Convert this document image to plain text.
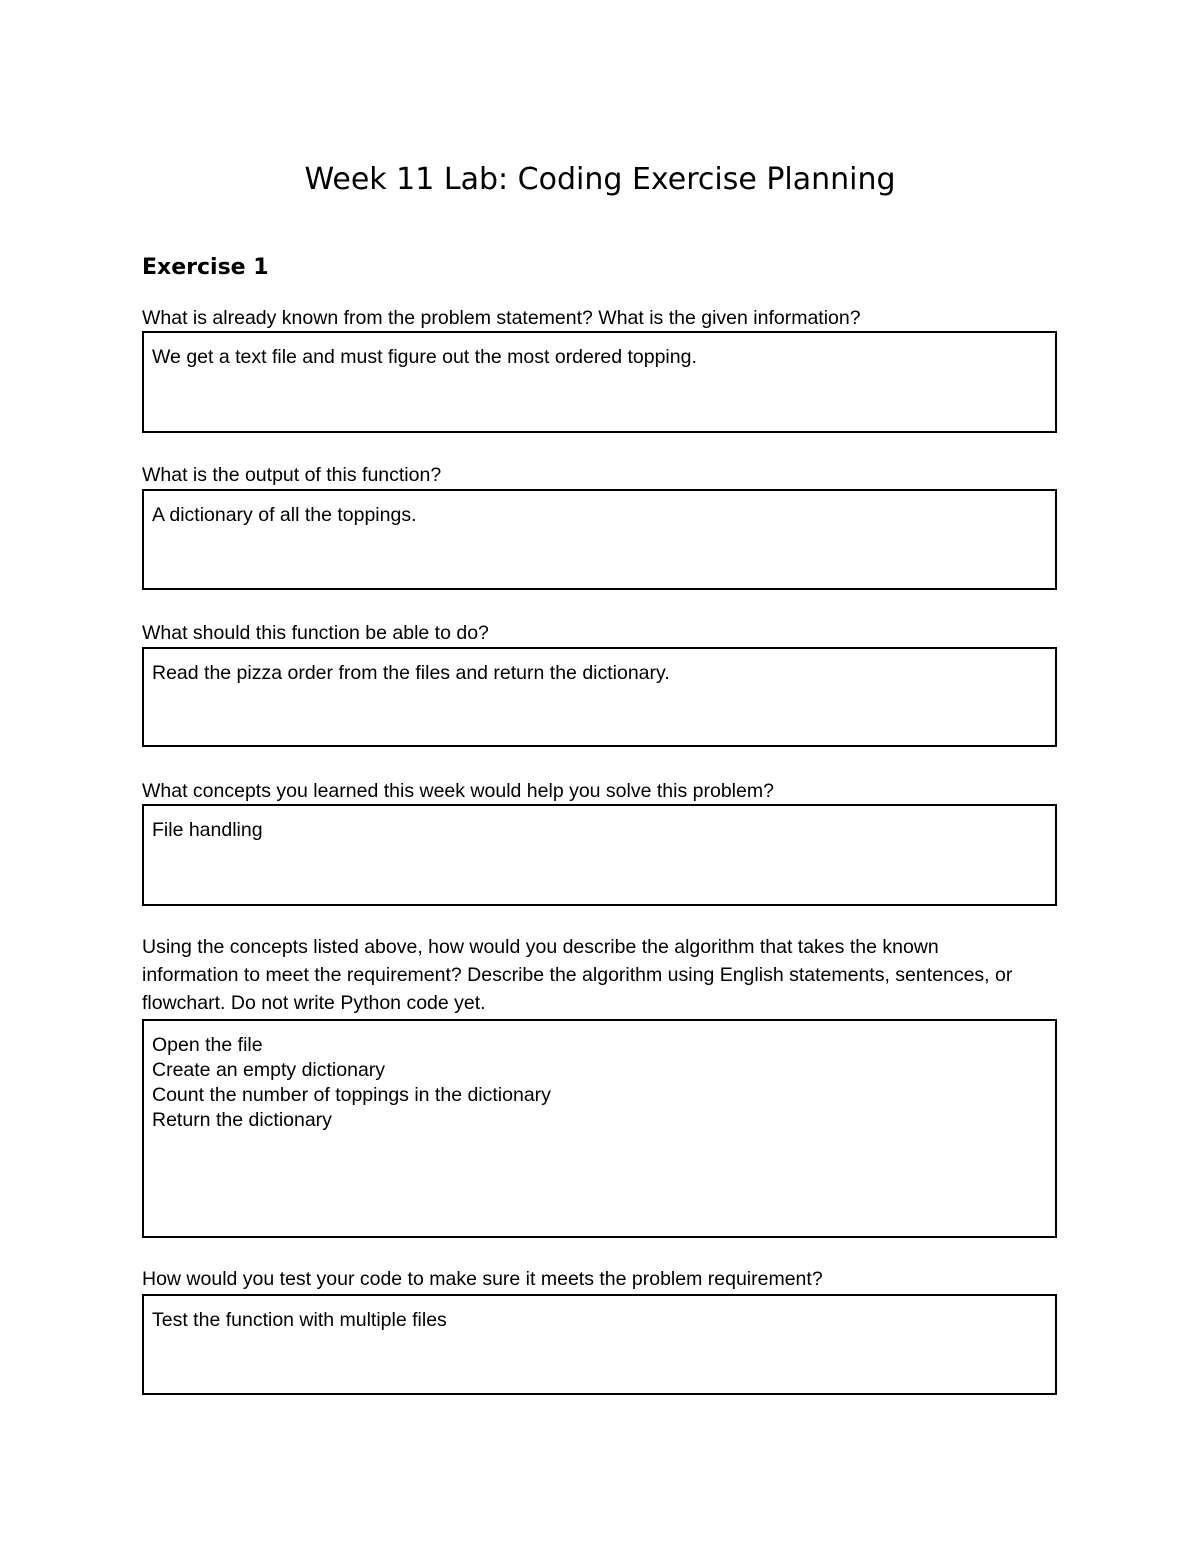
Week 11 Lab: Coding Exercise Planning
Exercise 1

What is already known from the problem statement? What is the given information?

We get a text file and must figure out the most ordered topping.

What is the output of this function?

A dictionary of all the toppings.

What should this function be able to do?

Read the pizza order from the files and return the dictionary.

What concepts you learned this week would help you solve this problem?

File handling

Using the concepts listed above, how would you describe the algorithm that takes the known information to meet the requirement? Describe the algorithm using English statements, sentences, or flowchart. Do not write Python code yet.

Open the file
Create an empty dictionary
Count the number of toppings in the dictionary
Return the dictionary

How would you test your code to make sure it meets the problem requirement?

Test the function with multiple files
